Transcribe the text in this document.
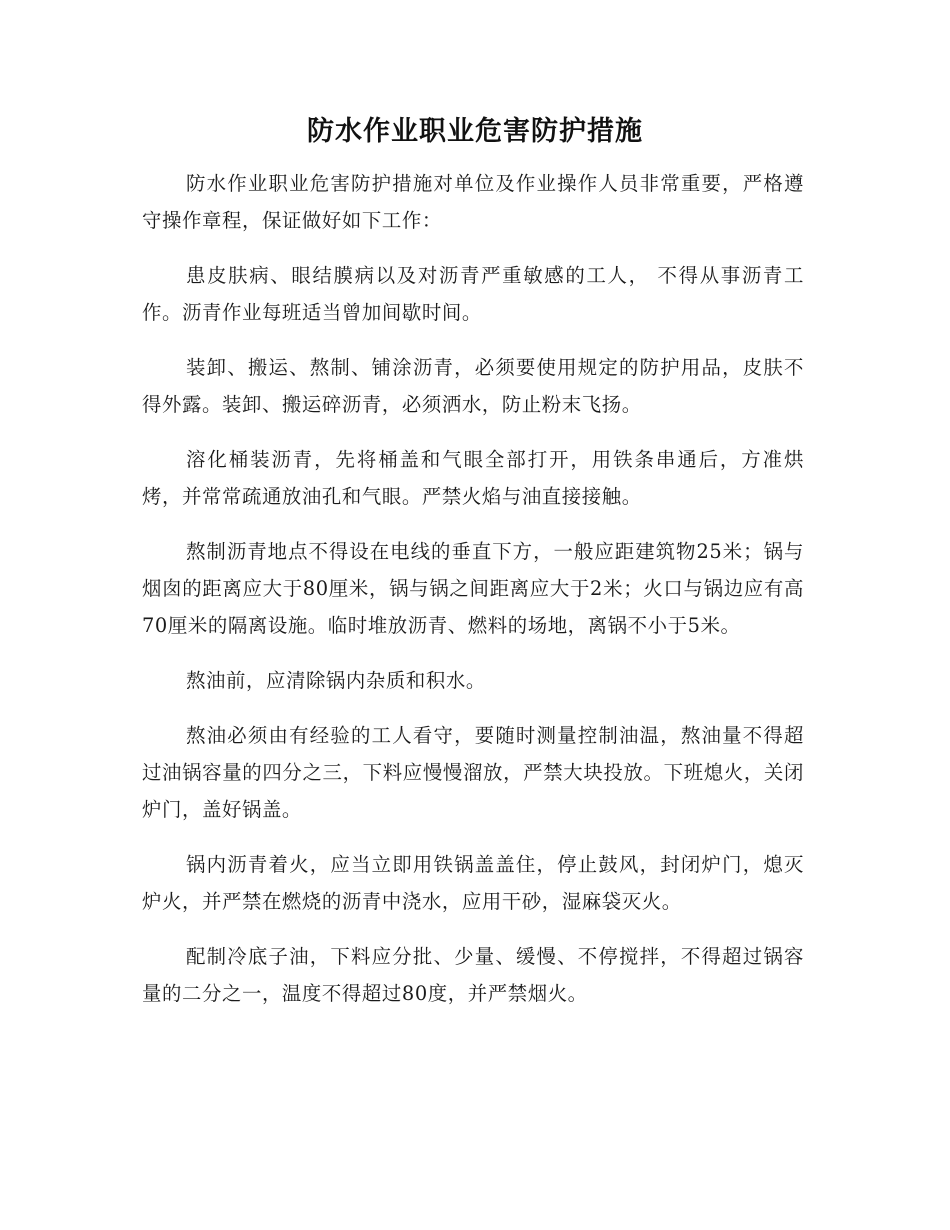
防水作业职业危害防护措施

防水作业职业危害防护措施对单位及作业操作人员非常重要，严格遵守操作章程，保证做好如下工作：

患皮肤病、眼结膜病以及对沥青严重敏感的工人， 不得从事沥青工作。沥青作业每班适当曾加间歇时间。

装卸、搬运、熬制、铺涂沥青，必须要使用规定的防护用品，皮肤不得外露。装卸、搬运碎沥青，必须洒水，防止粉末飞扬。

溶化桶装沥青，先将桶盖和气眼全部打开，用铁条串通后，方准烘烤，并常常疏通放油孔和气眼。严禁火焰与油直接接触。

熬制沥青地点不得设在电线的垂直下方，一般应距建筑物25米；锅与烟囱的距离应大于80厘米，锅与锅之间距离应大于2米；火口与锅边应有高70厘米的隔离设施。临时堆放沥青、燃料的场地，离锅不小于5米。

熬油前，应清除锅内杂质和积水。

熬油必须由有经验的工人看守，要随时测量控制油温，熬油量不得超过油锅容量的四分之三，下料应慢慢溜放，严禁大块投放。下班熄火，关闭炉门，盖好锅盖。

锅内沥青着火，应当立即用铁锅盖盖住，停止鼓风，封闭炉门，熄灭炉火，并严禁在燃烧的沥青中浇水，应用干砂，湿麻袋灭火。

配制冷底子油，下料应分批、少量、缓慢、不停搅拌，不得超过锅容量的二分之一，温度不得超过80度，并严禁烟火。
